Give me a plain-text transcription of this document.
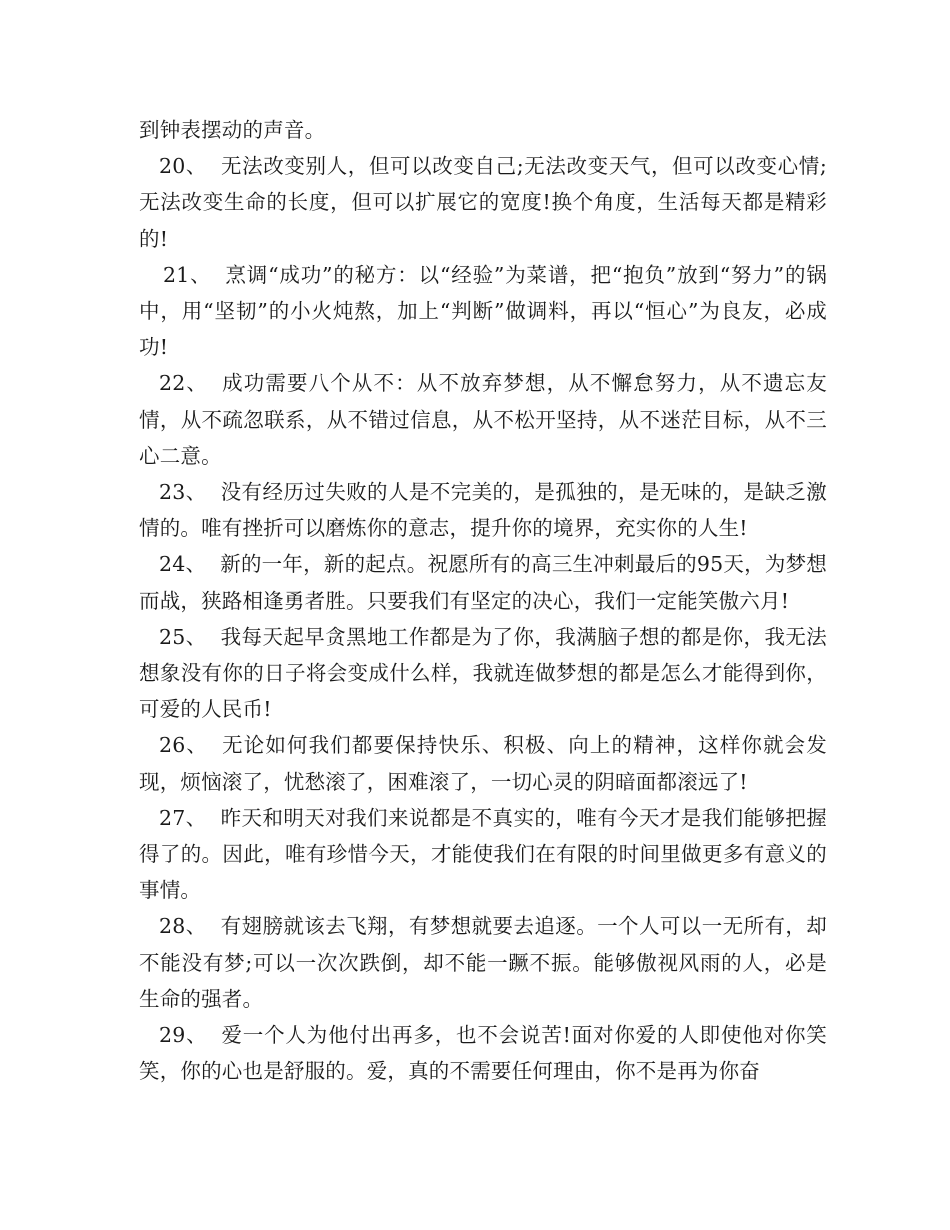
到钟表摆动的声音。

20、 无法改变别人，但可以改变自己;无法改变天气，但可以改变心情;无法改变生命的长度，但可以扩展它的宽度!换个角度，生活每天都是精彩的!

21、 烹调“成功”的秘方：以“经验”为菜谱，把“抱负”放到“努力”的锅中，用“坚韧”的小火炖熬，加上“判断”做调料，再以“恒心”为良友，必成功!

22、 成功需要八个从不：从不放弃梦想，从不懈怠努力，从不遗忘友情，从不疏忽联系，从不错过信息，从不松开坚持，从不迷茫目标，从不三心二意。

23、 没有经历过失败的人是不完美的，是孤独的，是无味的，是缺乏激情的。唯有挫折可以磨炼你的意志，提升你的境界，充实你的人生!

24、 新的一年，新的起点。祝愿所有的高三生冲刺最后的95天，为梦想而战，狭路相逢勇者胜。只要我们有坚定的决心，我们一定能笑傲六月!

25、 我每天起早贪黑地工作都是为了你，我满脑子想的都是你，我无法想象没有你的日子将会变成什么样，我就连做梦想的都是怎么才能得到你，可爱的人民币!

26、 无论如何我们都要保持快乐、积极、向上的精神，这样你就会发现，烦恼滚了，忧愁滚了，困难滚了，一切心灵的阴暗面都滚远了!

27、 昨天和明天对我们来说都是不真实的，唯有今天才是我们能够把握得了的。因此，唯有珍惜今天，才能使我们在有限的时间里做更多有意义的事情。

28、 有翅膀就该去飞翔，有梦想就要去追逐。一个人可以一无所有，却不能没有梦;可以一次次跌倒，却不能一蹶不振。能够傲视风雨的人，必是生命的强者。

29、 爱一个人为他付出再多，也不会说苦!面对你爱的人即使他对你笑笑，你的心也是舒服的。爱，真的不需要任何理由，你不是再为你奋
